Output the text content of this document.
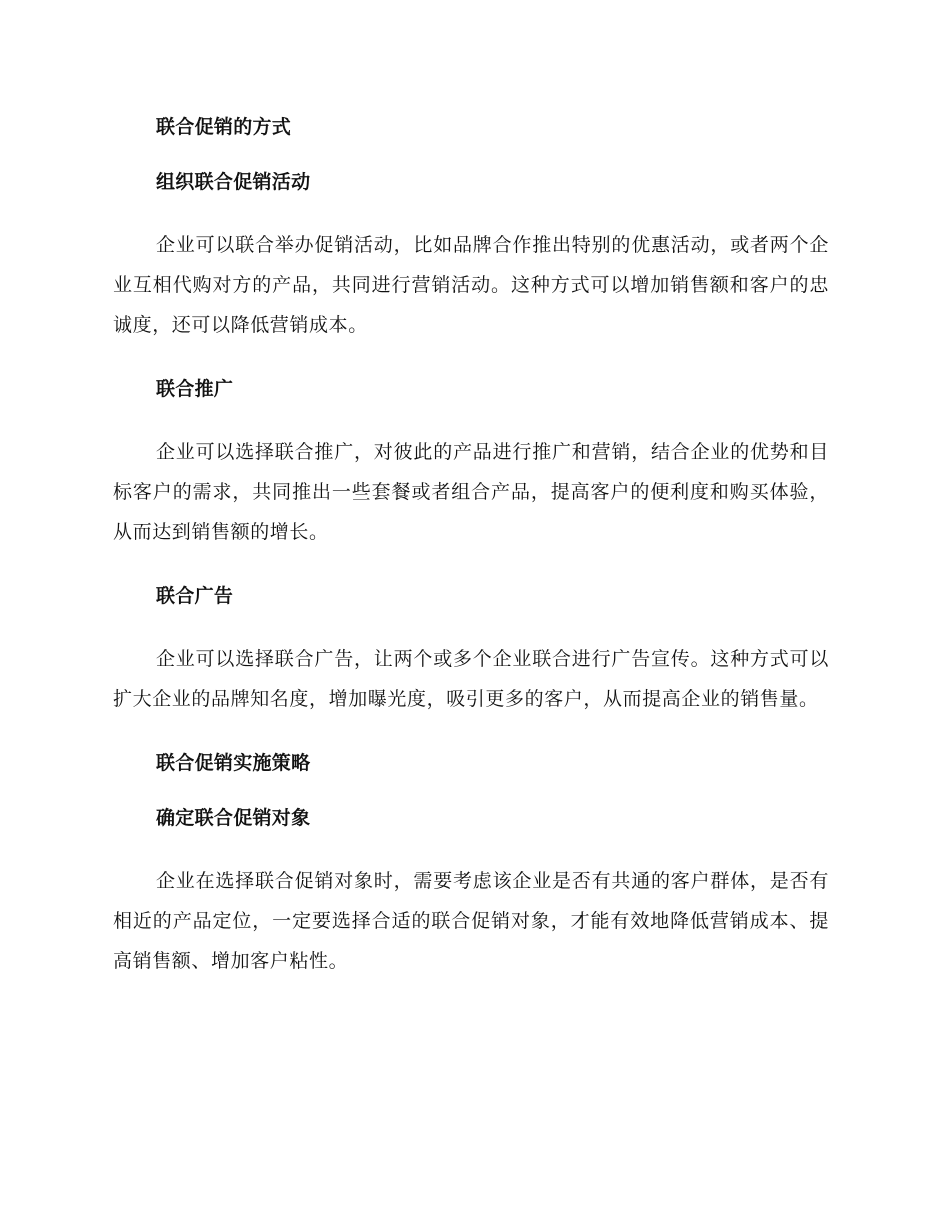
联合促销的方式
组织联合促销活动

企业可以联合举办促销活动，比如品牌合作推出特别的优惠活动，或者两个企业互相代购对方的产品，共同进行营销活动。这种方式可以增加销售额和客户的忠诚度，还可以降低营销成本。

联合推广

企业可以选择联合推广，对彼此的产品进行推广和营销，结合企业的优势和目标客户的需求，共同推出一些套餐或者组合产品，提高客户的便利度和购买体验，从而达到销售额的增长。

联合广告

企业可以选择联合广告，让两个或多个企业联合进行广告宣传。这种方式可以扩大企业的品牌知名度，增加曝光度，吸引更多的客户，从而提高企业的销售量。

联合促销实施策略
确定联合促销对象

企业在选择联合促销对象时，需要考虑该企业是否有共通的客户群体，是否有相近的产品定位，一定要选择合适的联合促销对象，才能有效地降低营销成本、提高销售额、增加客户粘性。
